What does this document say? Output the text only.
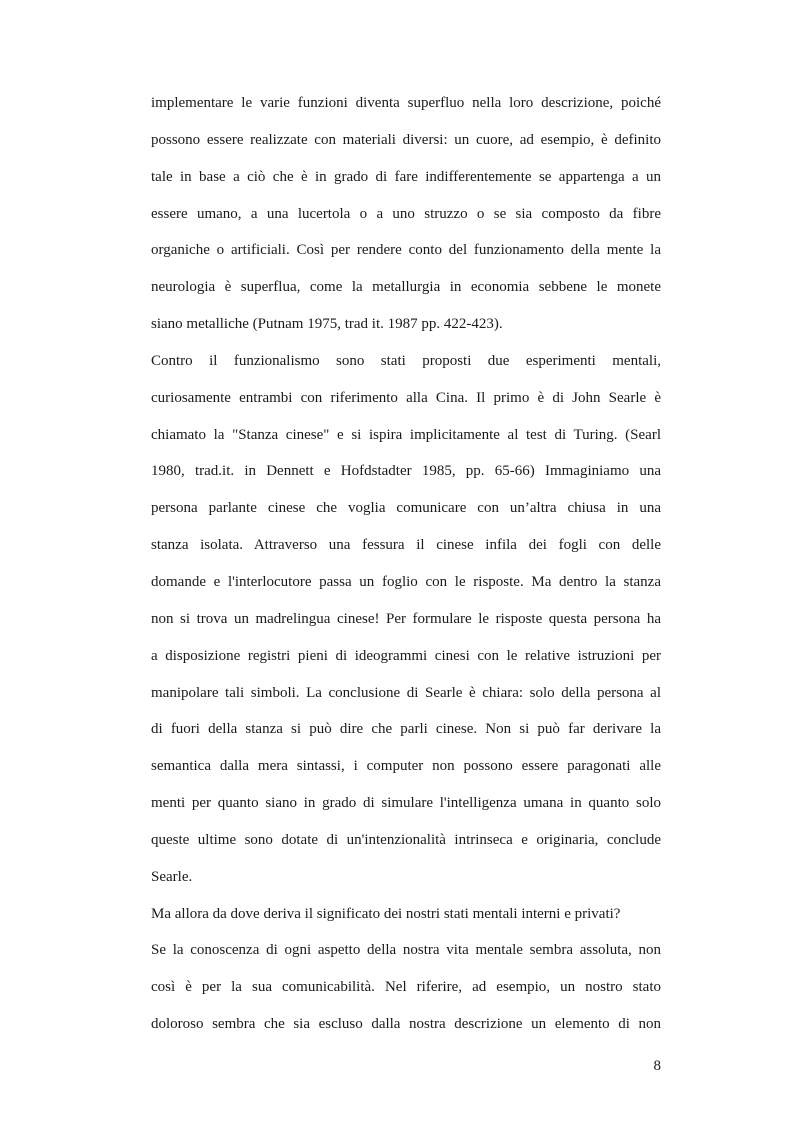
implementare le varie funzioni diventa superfluo nella loro descrizione, poiché
possono essere realizzate con materiali diversi: un cuore, ad esempio, è definito
tale in base a ciò che è in grado di fare indifferentemente se appartenga a un
essere umano, a una lucertola o a uno struzzo o se sia composto da fibre
organiche o artificiali. Così per rendere conto del funzionamento della mente la
neurologia è superflua, come la metallurgia in economia sebbene le monete
siano metalliche (Putnam 1975, trad it. 1987 pp. 422-423).
Contro il funzionalismo sono stati proposti due esperimenti mentali,
curiosamente entrambi con riferimento alla Cina. Il primo è di John Searle è
chiamato la "Stanza cinese" e si ispira implicitamente al test di Turing. (Searl
1980, trad.it. in Dennett e Hofdstadter 1985, pp. 65-66) Immaginiamo una
persona parlante cinese che voglia comunicare con un’altra chiusa in una
stanza isolata. Attraverso una fessura il cinese infila dei fogli con delle
domande e l'interlocutore passa un foglio con le risposte. Ma dentro la stanza
non si trova un madrelingua cinese! Per formulare le risposte questa persona ha
a disposizione registri pieni di ideogrammi cinesi con le relative istruzioni per
manipolare tali simboli. La conclusione di Searle è chiara: solo della persona al
di fuori della stanza si può dire che parli cinese. Non si può far derivare la
semantica dalla mera sintassi, i computer non possono essere paragonati alle
menti per quanto siano in grado di simulare l'intelligenza umana in quanto solo
queste ultime sono dotate di un'intenzionalità intrinseca e originaria, conclude
Searle.
Ma allora da dove deriva il significato dei nostri stati mentali interni e privati?
Se la conoscenza di ogni aspetto della nostra vita mentale sembra assoluta, non
così è per la sua comunicabilità. Nel riferire, ad esempio, un nostro stato
doloroso sembra che sia escluso dalla nostra descrizione un elemento di non
8
